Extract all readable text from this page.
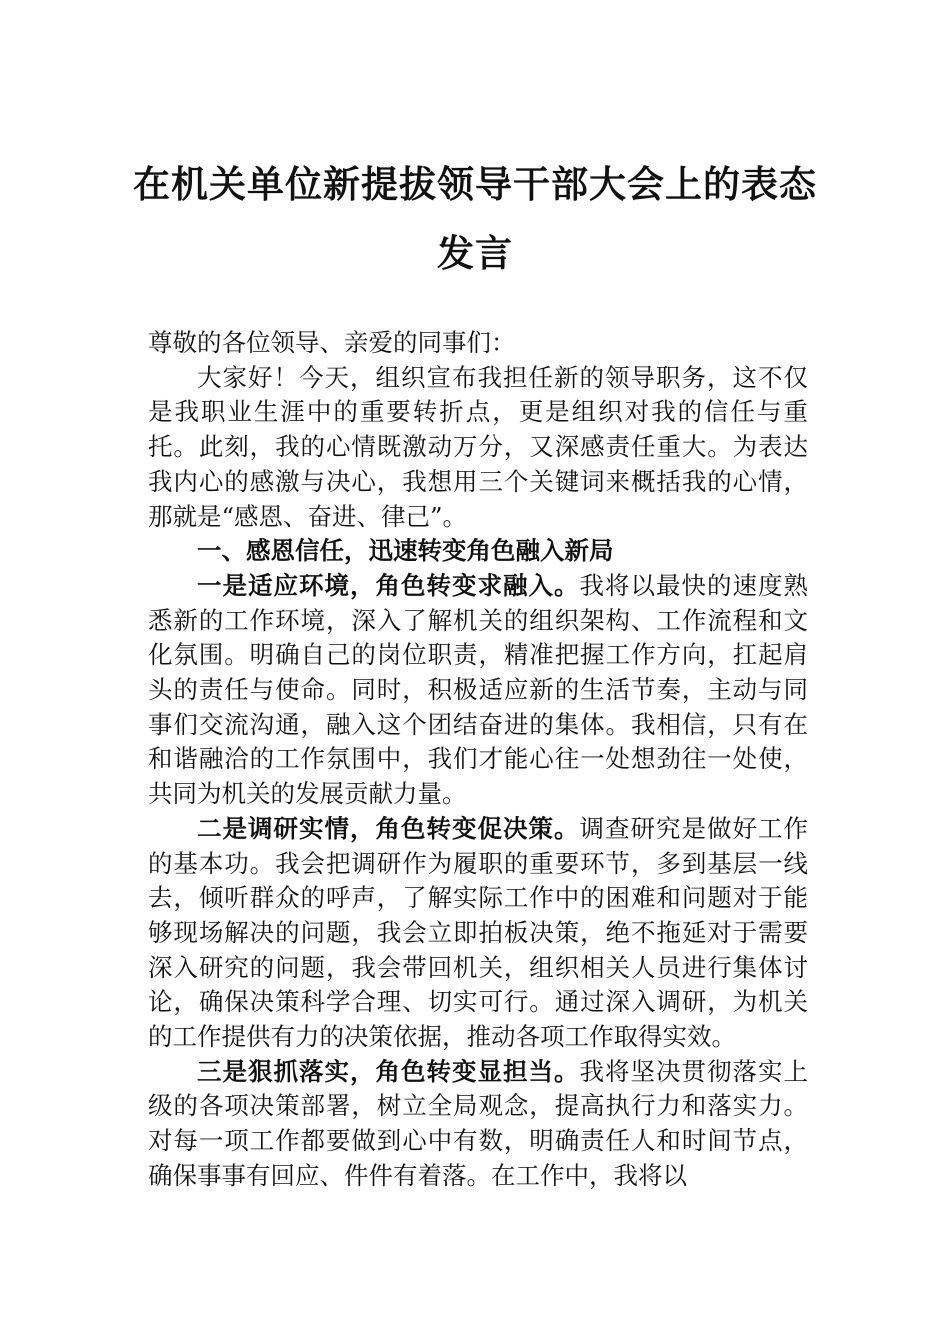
在机关单位新提拔领导干部大会上的表态
发言

尊敬的各位领导、亲爱的同事们：

大家好！今天，组织宣布我担任新的领导职务，这不仅是我职业生涯中的重要转折点，更是组织对我的信任与重托。此刻，我的心情既激动万分，又深感责任重大。为表达我内心的感激与决心，我想用三个关键词来概括我的心情，那就是“感恩、奋进、律己”。

一、感恩信任，迅速转变角色融入新局

一是适应环境，角色转变求融入。我将以最快的速度熟悉新的工作环境，深入了解机关的组织架构、工作流程和文化氛围。明确自己的岗位职责，精准把握工作方向，扛起肩头的责任与使命。同时，积极适应新的生活节奏，主动与同事们交流沟通，融入这个团结奋进的集体。我相信，只有在和谐融洽的工作氛围中，我们才能心往一处想劲往一处使，共同为机关的发展贡献力量。

二是调研实情，角色转变促决策。调查研究是做好工作的基本功。我会把调研作为履职的重要环节，多到基层一线去，倾听群众的呼声，了解实际工作中的困难和问题对于能够现场解决的问题，我会立即拍板决策，绝不拖延对于需要深入研究的问题，我会带回机关，组织相关人员进行集体讨论，确保决策科学合理、切实可行。通过深入调研，为机关的工作提供有力的决策依据，推动各项工作取得实效。

三是狠抓落实，角色转变显担当。我将坚决贯彻落实上级的各项决策部署，树立全局观念，提高执行力和落实力。对每一项工作都要做到心中有数，明确责任人和时间节点，确保事事有回应、件件有着落。在工作中，我将以
